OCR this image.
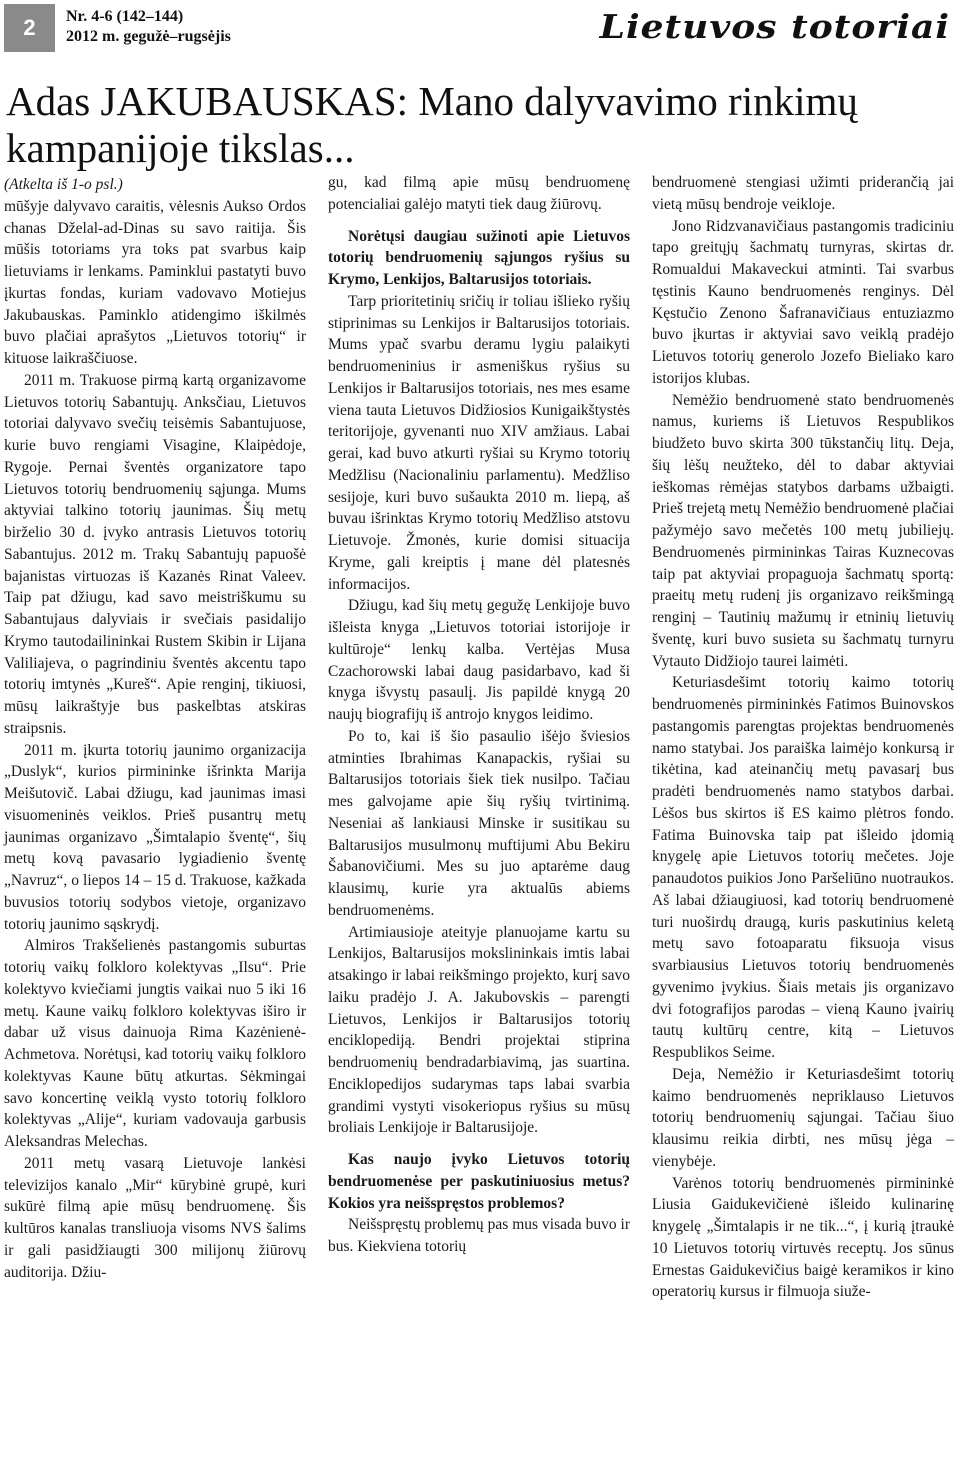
2	Nr. 4-6 (142–144)
2012 m. gegužė–rugsėjis	Lietuvos totoriai
Adas JAKUBAUSKAS: Mano dalyvavimo rinkimų kampanijoje tikslas...

(Atkelta iš 1-o psl.)

mūšyje dalyvavo caraitis, vėlesnis Aukso Ordos chanas Dželal-ad-Dinas su savo raitija. Šis mūšis totoriams yra toks pat svarbus kaip lietuviams ir lenkams. Paminklui pastatyti buvo įkurtas fondas, kuriam vadovavo Motiejus Jakubauskas. Paminklo atidengimo iškilmės buvo plačiai aprašytos „Lietuvos totorių“ ir kituose laikraščiuose.

2011 m. Trakuose pirmą kartą organizavome Lietuvos totorių Sabantujų. Anksčiau, Lietuvos totoriai dalyvavo svečių teisėmis Sabantujuose, kurie buvo rengiami Visagine, Klaipėdoje, Rygoje. Pernai šventės organizatore tapo Lietuvos totorių bendruomenių sąjunga. Mums aktyviai talkino totorių jaunimas. Šių metų birželio 30 d. įvyko antrasis Lietuvos totorių Sabantujus. 2012 m. Trakų Sabantujų papuošė bajanistas virtuozas iš Kazanės Rinat Valeev. Taip pat džiugu, kad savo meistriškumu su Sabantujaus dalyviais ir svečiais pasidalijo Krymo tautodailininkai Rustem Skibin ir Lijana Valiliajeva, o pagrindiniu šventės akcentu tapo totorių imtynės „Kureš“. Apie renginį, tikiuosi, mūsų laikraštyje bus paskelbtas atskiras straipsnis.

2011 m. įkurta totorių jaunimo organizacija „Duslyk“, kurios pirmininke išrinkta Marija Meišutovič. Labai džiugu, kad jaunimas imasi visuomeninės veiklos. Prieš pusantrų metų jaunimas organizavo „Šimtalapio šventę“, šių metų kovą pavasario lygiadienio šventę „Navruz“, o liepos 14 – 15 d. Trakuose, kažkada buvusios totorių sodybos vietoje, organizavo totorių jaunimo sąskrydį.

Almiros Trakšelienės pastangomis suburtas totorių vaikų folkloro kolektyvas „Ilsu“. Prie kolektyvo kviečiami jungtis vaikai nuo 5 iki 16 metų. Kaune vaikų folkloro kolektyvas iširo ir dabar už visus dainuoja Rima Kazėnienė-Achmetova. Norėtųsi, kad totorių vaikų folkloro kolektyvas Kaune būtų atkurtas. Sėkmingai savo koncertinę veiklą vysto totorių folkloro kolektyvas „Alije“, kuriam vadovauja garbusis Aleksandras Melechas.

2011 metų vasarą Lietuvoje lankėsi televizijos kanalo „Mir“ kūrybinė grupė, kuri sukūrė filmą apie mūsų bendruomenę. Šis kultūros kanalas transliuoja visoms NVS šalims ir gali pasidžiaugti 300 milijonų žiūrovų auditorija. Džiu-

gu, kad filmą apie mūsų bendruomenę potencialiai galėjo matyti tiek daug žiūrovų.

Norėtųsi daugiau sužinoti apie Lietuvos totorių bendruomenių sąjungos ryšius su Krymo, Lenkijos, Baltarusijos totoriais.

Tarp prioritetinių sričių ir toliau išlieko ryšių stiprinimas su Lenkijos ir Baltarusijos totoriais. Mums ypač svarbu deramu lygiu palaikyti bendruomeninius ir asmeniškus ryšius su Lenkijos ir Baltarusijos totoriais, nes mes esame viena tauta Lietuvos Didžiosios Kunigaikštystės teritorijoje, gyvenanti nuo XIV amžiaus. Labai gerai, kad buvo atkurti ryšiai su Krymo totorių Medžlisu (Nacionaliniu parlamentu). Medžliso sesijoje, kuri buvo sušaukta 2010 m. liepą, aš buvau išrinktas Krymo totorių Medžliso atstovu Lietuvoje. Žmonės, kurie domisi situacija Kryme, gali kreiptis į mane dėl platesnės informacijos.

Džiugu, kad šių metų gegužę Lenkijoje buvo išleista knyga „Lietuvos totoriai istorijoje ir kultūroje“ lenkų kalba. Vertėjas Musa Czachorowski labai daug pasidarbavo, kad ši knyga išvystų pasaulį. Jis papildė knygą 20 naujų biografijų iš antrojo knygos leidimo.

Po to, kai iš šio pasaulio išėjo šviesios atminties Ibrahimas Kanapackis, ryšiai su Baltarusijos totoriais šiek tiek nusilpo. Tačiau mes galvojame apie šių ryšių tvirtinimą. Neseniai aš lankiausi Minske ir susitikau su Baltarusijos musulmonų muftijumi Abu Bekiru Šabanovičiumi. Mes su juo aptarėme daug klausimų, kurie yra aktualūs abiems bendruomenėms.

Artimiausioje ateityje planuojame kartu su Lenkijos, Baltarusijos mokslininkais imtis labai atsakingo ir labai reikšmingo projekto, kurį savo laiku pradėjo J. A. Jakubovskis – parengti Lietuvos, Lenkijos ir Baltarusijos totorių enciklopediją. Bendri projektai stiprina bendruomenių bendradarbiavimą, jas suartina. Enciklopedijos sudarymas taps labai svarbia grandimi vystyti visokeriopus ryšius su mūsų broliais Lenkijoje ir Baltarusijoje.

Kas naujo įvyko Lietuvos totorių bendruomenėse per paskutiniuosius metus? Kokios yra neišspręstos problemos?

Neišspręstų problemų pas mus visada buvo ir bus. Kiekviena totorių

bendruomenė stengiasi užimti priderančią jai vietą mūsų bendroje veikloje.

Jono Ridzvanavičiaus pastangomis tradiciniu tapo greitųjų šachmatų turnyras, skirtas dr. Romualdui Makaveckui atminti. Tai svarbus tęstinis Kauno bendruomenės renginys. Dėl Kęstučio Zenono Šafranavičiaus entuziazmo buvo įkurtas ir aktyviai savo veiklą pradėjo Lietuvos totorių generolo Jozefo Bieliako karo istorijos klubas.

Nemėžio bendruomenė stato bendruomenės namus, kuriems iš Lietuvos Respublikos biudžeto buvo skirta 300 tūkstančių litų. Deja, šių lėšų neužteko, dėl to dabar aktyviai ieškomas rėmėjas statybos darbams užbaigti. Prieš trejetą metų Nemėžio bendruomenė plačiai pažymėjo savo mečetės 100 metų jubiliejų. Bendruomenės pirmininkas Tairas Kuznecovas taip pat aktyviai propaguoja šachmatų sportą: praeitų metų rudenį jis organizavo reikšmingą renginį – Tautinių mažumų ir etninių lietuvių šventę, kuri buvo susieta su šachmatų turnyru Vytauto Didžiojo taurei laimėti.

Keturiasdešimt totorių kaimo totorių bendruomenės pirmininkės Fatimos Buinovskos pastangomis parengtas projektas bendruomenės namo statybai. Jos paraiška laimėjo konkursą ir tikėtina, kad ateinančių metų pavasarį bus pradėti bendruomenės namo statybos darbai. Lėšos bus skirtos iš ES kaimo plėtros fondo. Fatima Buinovska taip pat išleido įdomią knygelę apie Lietuvos totorių mečetes. Joje panaudotos puikios Jono Paršeliūno nuotraukos. Aš labai džiaugiuosi, kad totorių bendruomenė turi nuoširdų draugą, kuris paskutinius keletą metų savo fotoaparatu fiksuoja visus svarbiausius Lietuvos totorių bendruomenės gyvenimo įvykius. Šiais metais jis organizavo dvi fotografijos parodas – vieną Kauno įvairių tautų kultūrų centre, kitą – Lietuvos Respublikos Seime.

Deja, Nemėžio ir Keturiasdešimt totorių kaimo bendruomenės nepriklauso Lietuvos totorių bendruomenių sąjungai. Tačiau šiuo klausimu reikia dirbti, nes mūsų jėga – vienybėje.

Varėnos totorių bendruomenės pirmininkė Liusia Gaidukevičienė išleido kulinarinę knygelę „Šimtalapis ir ne tik...“, į kurią įtraukė 10 Lietuvos totorių virtuvės receptų. Jos sūnus Ernestas Gaidukevičius baigė keramikos ir kino operatorių kursus ir filmuoja siuže-
